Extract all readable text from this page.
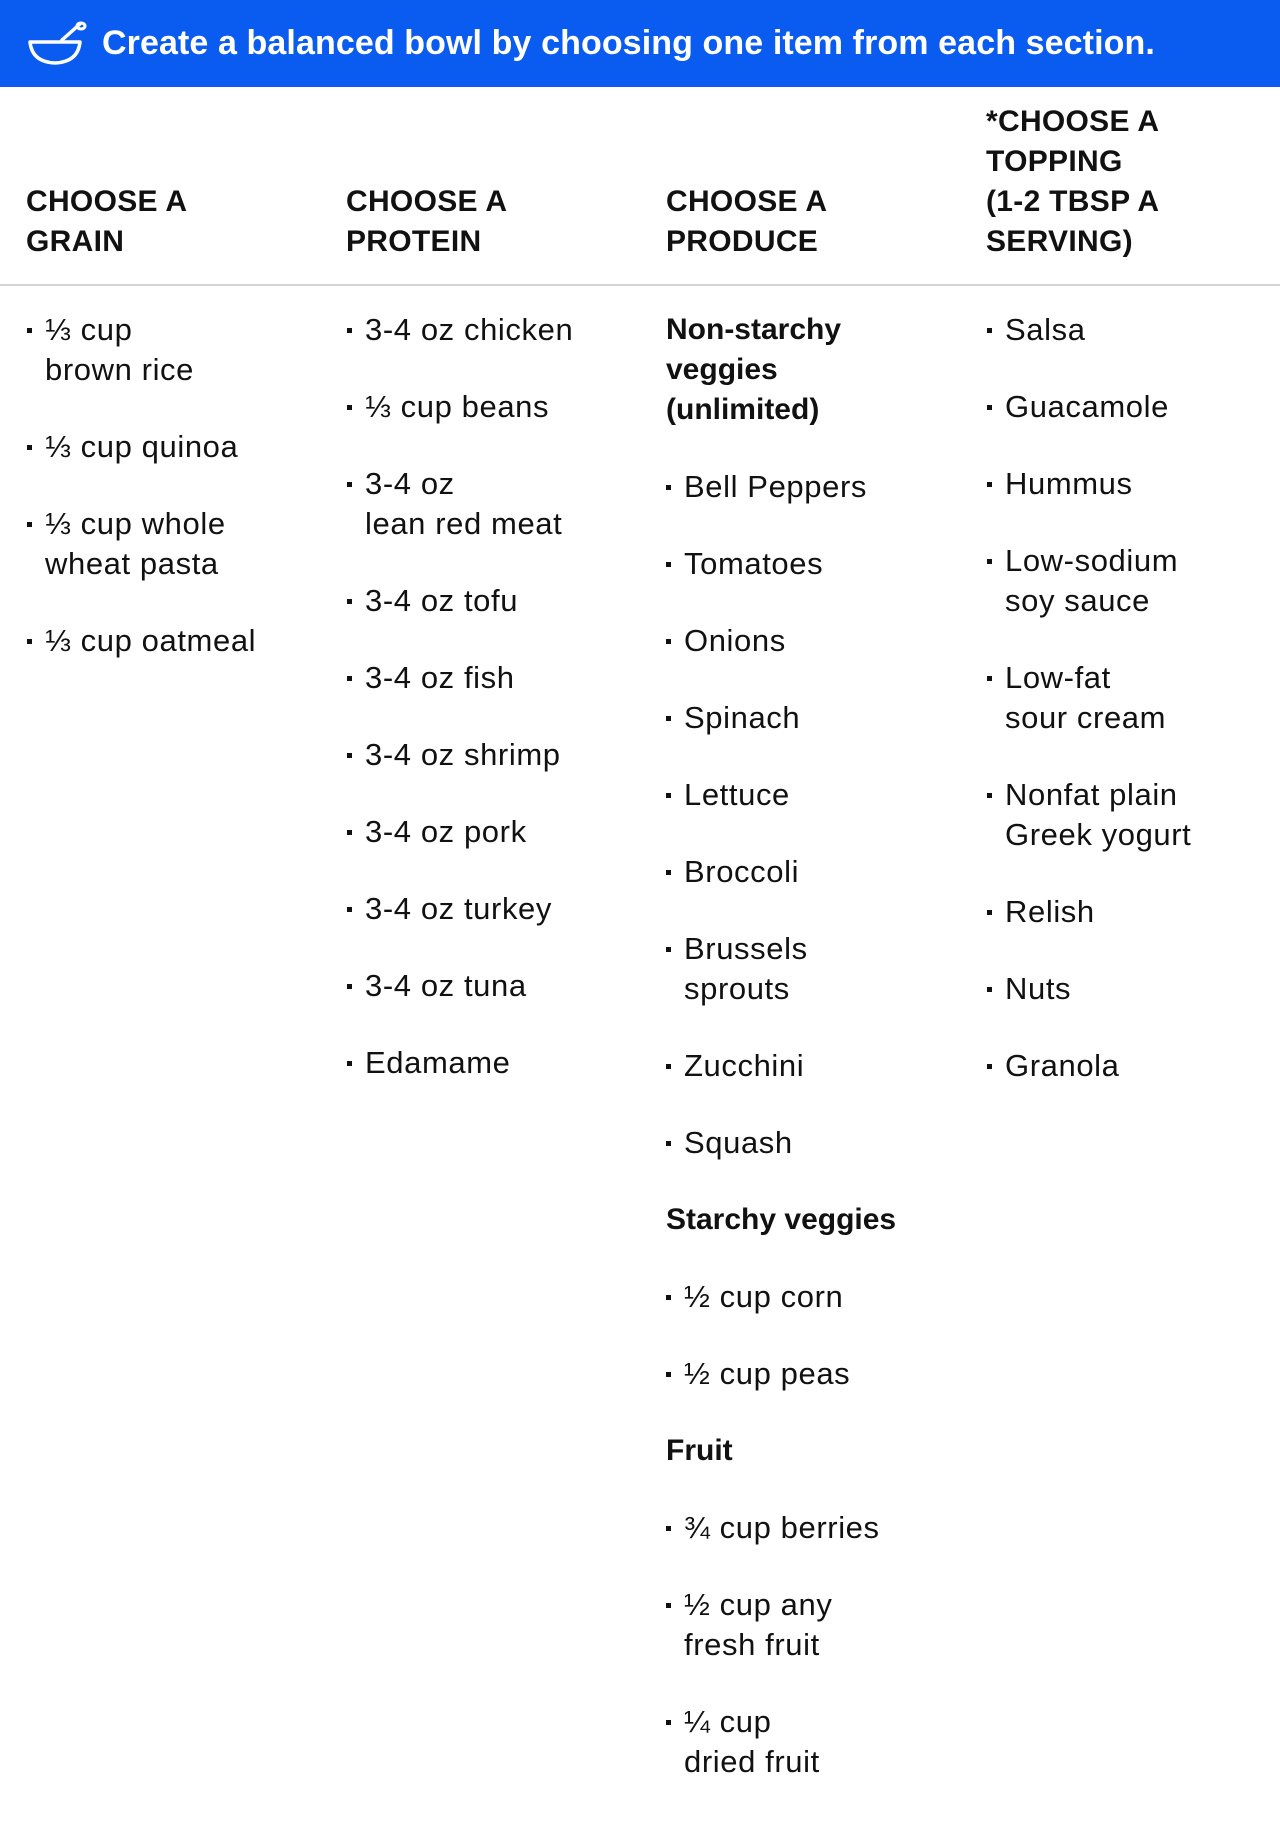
Create a balanced bowl by choosing one item from each section.
CHOOSE A
GRAIN
CHOOSE A
PROTEIN
CHOOSE A
PRODUCE
*CHOOSE A
TOPPING
(1-2 TBSP A
SERVING)
⅓ cup
brown rice
⅓ cup quinoa
⅓ cup whole
wheat pasta
⅓ cup oatmeal
3-4 oz chicken
⅓ cup beans
3-4 oz
lean red meat
3-4 oz tofu
3-4 oz fish
3-4 oz shrimp
3-4 oz pork
3-4 oz turkey
3-4 oz tuna
Edamame
Non-starchy
veggies
(unlimited)
Bell Peppers
Tomatoes
Onions
Spinach
Lettuce
Broccoli
Brussels
sprouts
Zucchini
Squash
Starchy veggies
½ cup corn
½ cup peas
Fruit
¾ cup berries
½ cup any
fresh fruit
¼ cup
dried fruit
Salsa
Guacamole
Hummus
Low-sodium
soy sauce
Low-fat
sour cream
Nonfat plain
Greek yogurt
Relish
Nuts
Granola
